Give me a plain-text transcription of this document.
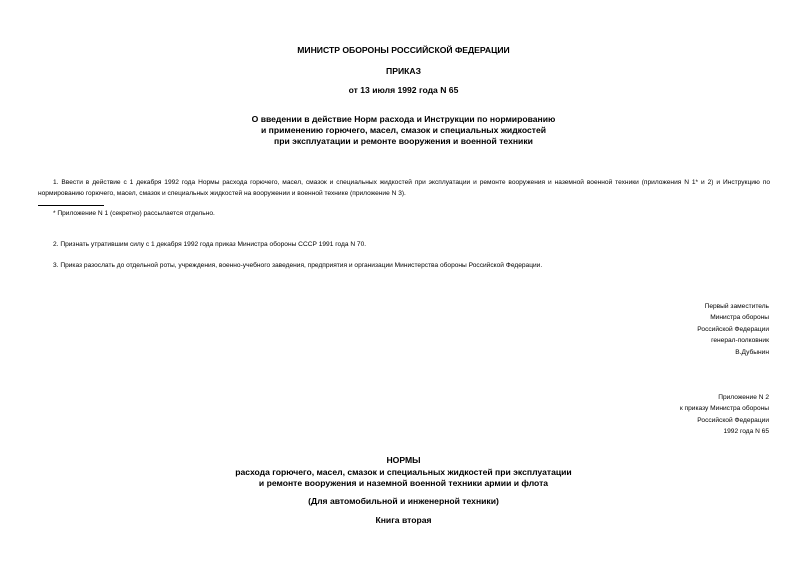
МИНИСТР ОБОРОНЫ РОССИЙСКОЙ ФЕДЕРАЦИИ
ПРИКАЗ
от 13 июля 1992 года N 65
О введении в действие Норм расхода и Инструкции по нормированию
и применению горючего, масел, смазок и специальных жидкостей
при эксплуатации и ремонте вооружения и военной техники
1. Ввести в действие с 1 декабря 1992 года Нормы расхода горючего, масел, смазок и специальных жидкостей при эксплуатации и ремонте вооружения и наземной военной техники (приложения N 1* и 2) и Инструкцию по нормированию горючего, масел, смазок и специальных жидкостей на вооружении и военной технике (приложение N 3).
* Приложение N 1 (секретно) рассылается отдельно.
2. Признать утратившим силу с 1 декабря 1992 года приказ Министра обороны СССР 1991 года N 70.
3. Приказ разослать до отдельной роты, учреждения, военно-учебного заведения, предприятия и организации Министерства обороны Российской Федерации.
Первый заместитель
Министра обороны
Российской Федерации
генерал-полковник
В.Дубынин
Приложение N 2
к приказу Министра обороны
Российской Федерации
1992 года N 65
НОРМЫ
расхода горючего, масел, смазок и специальных жидкостей при эксплуатации
и ремонте вооружения и наземной военной техники армии и флота
(Для автомобильной и инженерной техники)
Книга вторая
